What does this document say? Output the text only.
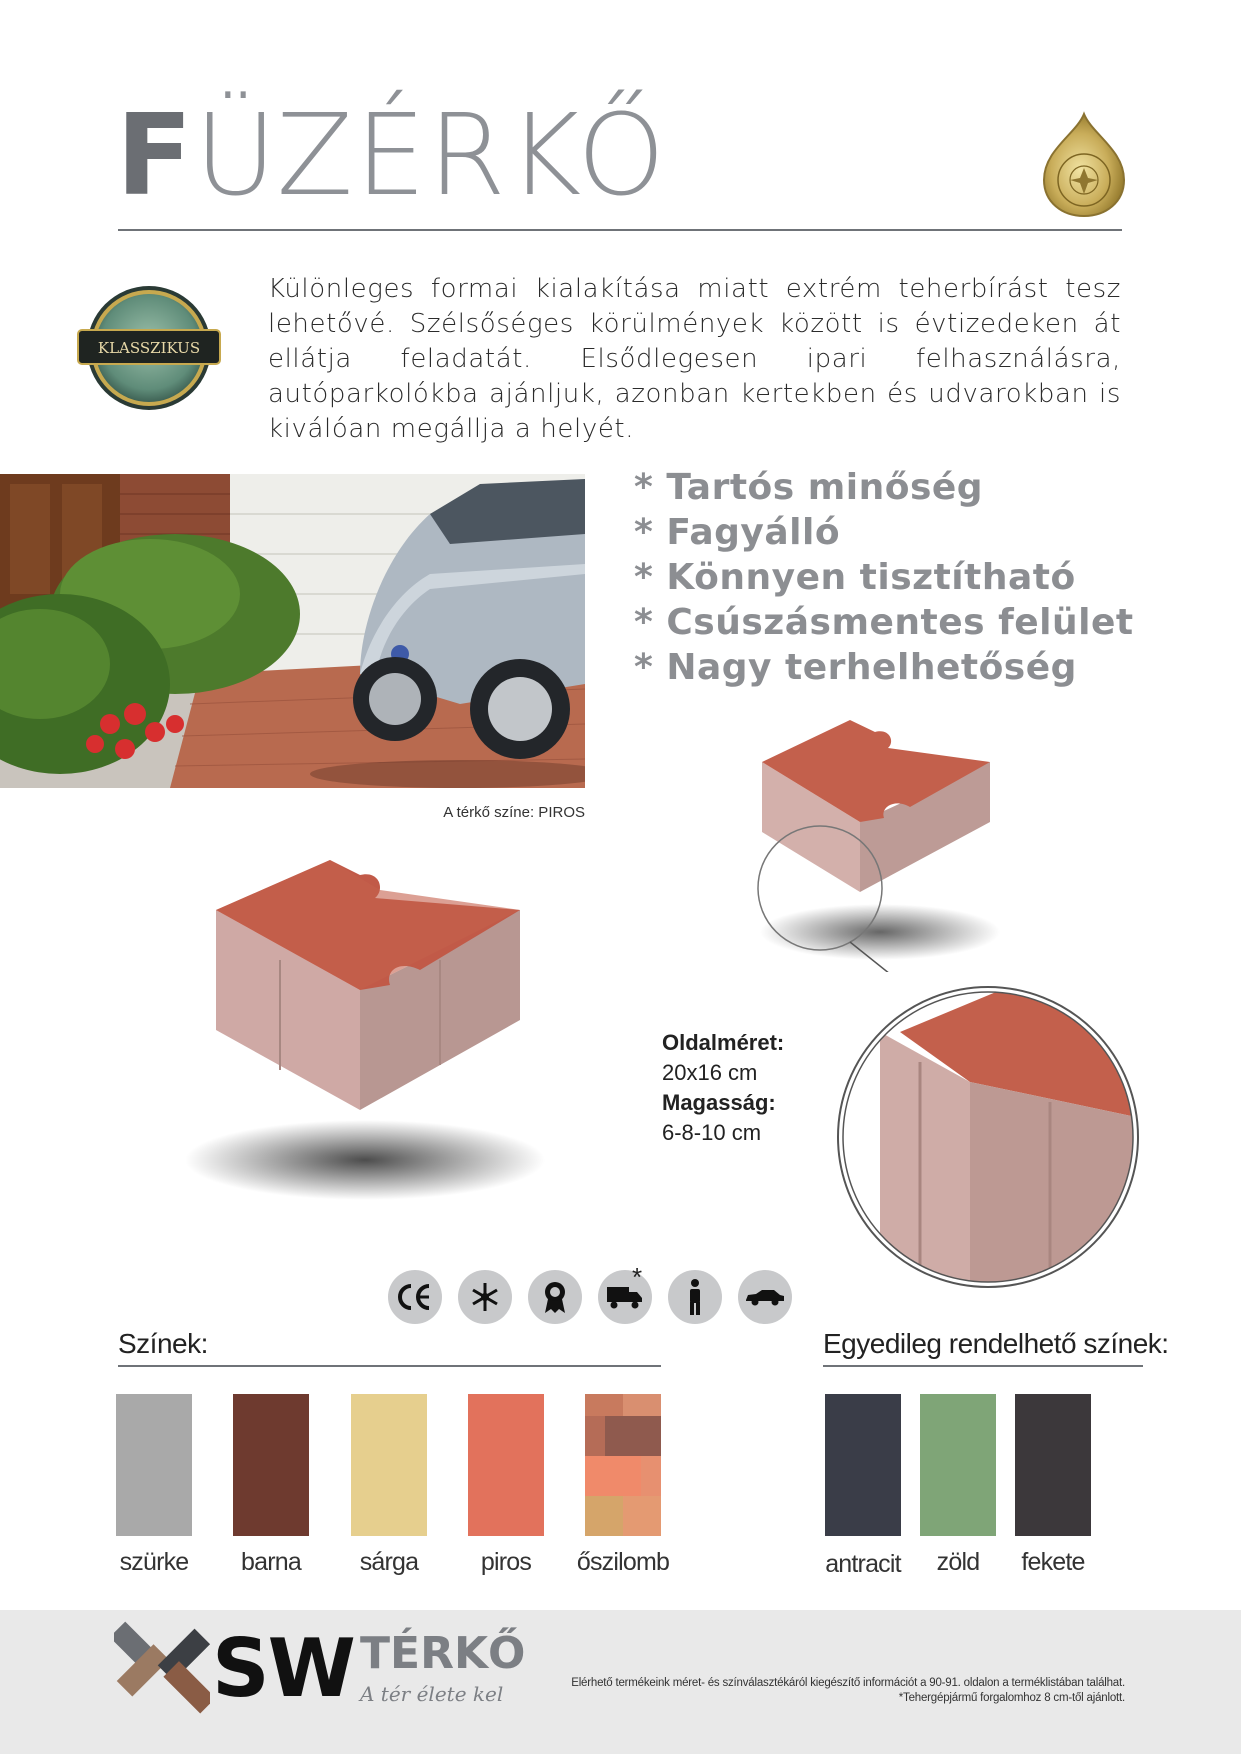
FÜZÉRKŐ
KLASSZIKUS
Különleges formai kialakítása miatt extrém teherbírást tesz lehetővé. Szélsőséges körülmények között is évtizedeken át ellátja feladatát. Elsődlegesen ipari felhasználásra, autóparkolókba ajánljuk, azonban kertekben és udvarokban is kiválóan megállja a helyét.
A térkő színe: PIROS
* Tartós minőség
* Fagyálló
* Könnyen tisztítható
* Csúszásmentes felület
* Nagy terhelhetőség
Oldalméret:
20x16 cm
Magasság:
6-8-10 cm
*
Színek:
szürke	barna	sárga	piros	őszilomb
Egyedileg rendelhető színek:
antracit	zöld	fekete
SW TÉRKŐ
A tér élete kel	Elérhető termékeink méret- és színválasztékáról kiegészítő információt a 90-91. oldalon a terméklistában találhat.
*Tehergépjármű forgalomhoz 8 cm-től ajánlott.
